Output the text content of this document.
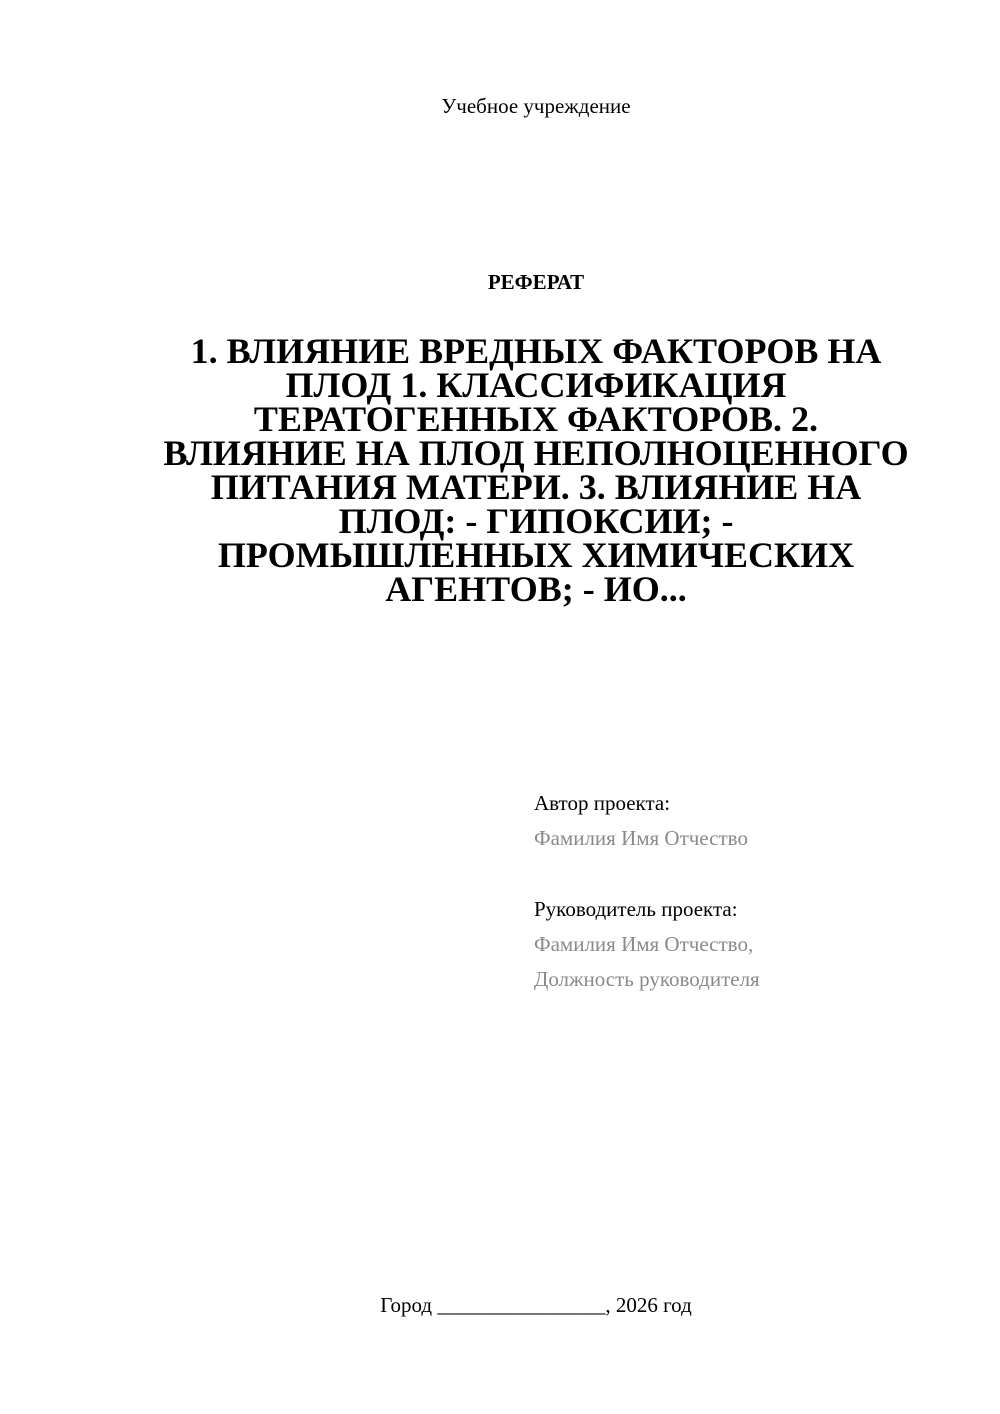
Учебное учреждение
РЕФЕРАТ
1. ВЛИЯНИЕ ВРЕДНЫХ ФАКТОРОВ НА ПЛОД 1. КЛАССИФИКАЦИЯ ТЕРАТОГЕННЫХ ФАКТОРОВ. 2. ВЛИЯНИЕ НА ПЛОД НЕПОЛНОЦЕННОГО ПИТАНИЯ МАТЕРИ. 3. ВЛИЯНИЕ НА ПЛОД: - ГИПОКСИИ; - ПРОМЫШЛЕННЫХ ХИМИЧЕСКИХ АГЕНТОВ; - ИО...
Автор проекта:
Фамилия Имя Отчество
Руководитель проекта:
Фамилия Имя Отчество,
Должность руководителя
Город ________________, 2026 год
